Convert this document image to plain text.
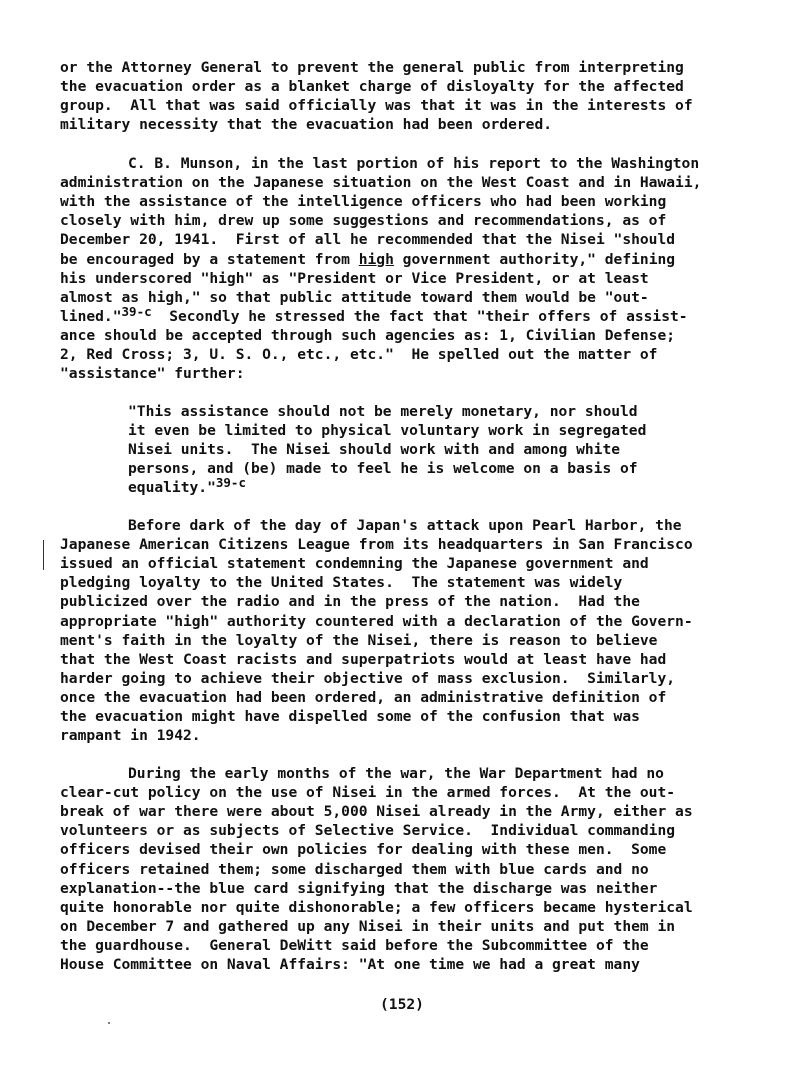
or the Attorney General to prevent the general public from interpreting
the evacuation order as a blanket charge of disloyalty for the affected
group.  All that was said officially was that it was in the interests of
military necessity that the evacuation had been ordered.
C. B. Munson, in the last portion of his report to the Washington
administration on the Japanese situation on the West Coast and in Hawaii,
with the assistance of the intelligence officers who had been working
closely with him, drew up some suggestions and recommendations, as of
December 20, 1941.  First of all he recommended that the Nisei "should
be encouraged by a statement from high government authority," defining
his underscored "high" as "President or Vice President, or at least
almost as high," so that public attitude toward them would be "out-
lined."39-c  Secondly he stressed the fact that "their offers of assist-
ance should be accepted through such agencies as: 1, Civilian Defense;
2, Red Cross; 3, U. S. O., etc., etc."  He spelled out the matter of
"assistance" further:
"This assistance should not be merely monetary, nor should
it even be limited to physical voluntary work in segregated
Nisei units.  The Nisei should work with and among white
persons, and (be) made to feel he is welcome on a basis of
equality."39-c
Before dark of the day of Japan's attack upon Pearl Harbor, the
Japanese American Citizens League from its headquarters in San Francisco
issued an official statement condemning the Japanese government and
pledging loyalty to the United States.  The statement was widely
publicized over the radio and in the press of the nation.  Had the
appropriate "high" authority countered with a declaration of the Govern-
ment's faith in the loyalty of the Nisei, there is reason to believe
that the West Coast racists and superpatriots would at least have had
harder going to achieve their objective of mass exclusion.  Similarly,
once the evacuation had been ordered, an administrative definition of
the evacuation might have dispelled some of the confusion that was
rampant in 1942.
During the early months of the war, the War Department had no
clear-cut policy on the use of Nisei in the armed forces.  At the out-
break of war there were about 5,000 Nisei already in the Army, either as
volunteers or as subjects of Selective Service.  Individual commanding
officers devised their own policies for dealing with these men.  Some
officers retained them; some discharged them with blue cards and no
explanation--the blue card signifying that the discharge was neither
quite honorable nor quite dishonorable; a few officers became hysterical
on December 7 and gathered up any Nisei in their units and put them in
the guardhouse.  General DeWitt said before the Subcommittee of the
House Committee on Naval Affairs: "At one time we had a great many
(152)
